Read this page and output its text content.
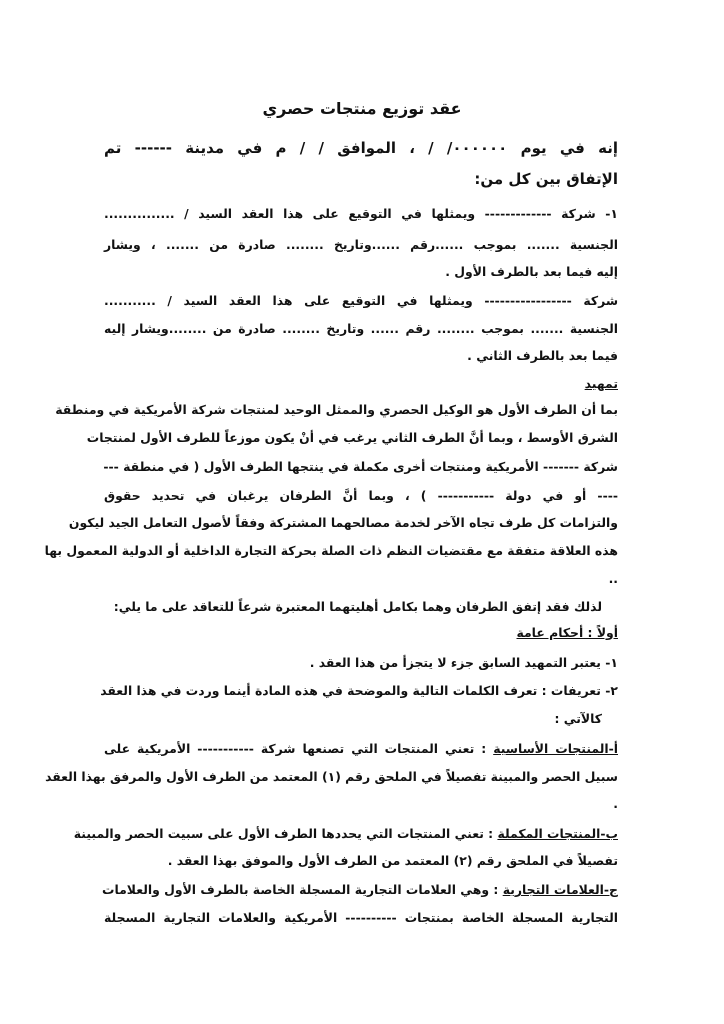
عقد توزيع منتجات حصري
إنه في يوم ٠٠٠٠٠٠/ / ، الموافق / / م في مدينة ------ تم
الإتفاق بين كل من:
١- شركة ------------- ويمثلها في التوقيع على هذا العقد السيد / ...............
الجنسية ....... بموجب ......رقم ......وتاريخ ........ صادرة من ....... ، ويشار
إليه فيما بعد بالطرف الأول .
شركة ----------------- ويمثلها في التوقيع على هذا العقد السيد / ...........
الجنسية ....... بموجب ........ رقم ...... وتاريخ ........ صادرة من ........ويشار إليه
فيما بعد بالطرف الثاني .
تمهيد
بما أن الطرف الأول هو الوكيل الحصري والممثل الوحيد لمنتجات شركة الأمريكية في ومنطقة
الشرق الأوسط ، وبما أنَّ الطرف الثاني يرغب في أنْ يكون موزعاً للطرف الأول لمنتجات
شركة ------- الأمريكية ومنتجات أخرى مكملة في ينتجها الطرف الأول ( في منطقة ---
---- أو في دولة ----------- ) ، وبما أنَّ الطرفان يرغبان في تحديد حقوق
والتزامات كل طرف تجاه الآخر لخدمة مصالحهما المشتركة وفقاً لأصول التعامل الجيد ليكون
هذه العلاقة متفقة مع مقتضيات النظم ذات الصلة بحركة التجارة الداخلية أو الدولية المعمول بها
..
لذلك فقد إتفق الطرفان وهما بكامل أهليتهما المعتبرة شرعاً للتعاقد على ما يلي:
أولاً : أحكام عامة
١- يعتبر التمهيد السابق جزء لا يتجزأ من هذا العقد .
٢- تعريفات : تعرف الكلمات التالية والموضحة في هذه المادة أينما وردت في هذا العقد
كالآتي :
أ-المنتجات الأساسية : تعني المنتجات التي تصنعها شركة ----------- الأمريكية على
سبيل الحصر والمبينة تفصيلاً في الملحق رقم (١) المعتمد من الطرف الأول والمرفق بهذا العقد
.
ب-المنتجات المكملة : تعني المنتجات التي يحددها الطرف الأول على سبيت الحصر والمبينة
تفصيلاً في الملحق رقم (٢) المعتمد من الطرف الأول والموفق بهذا العقد .
ج-العلامات التجارية : وهي العلامات التجارية المسجلة الخاصة بالطرف الأول والعلامات
التجارية المسجلة الخاصة بمنتجات ---------- الأمريكية والعلامات التجارية المسجلة
